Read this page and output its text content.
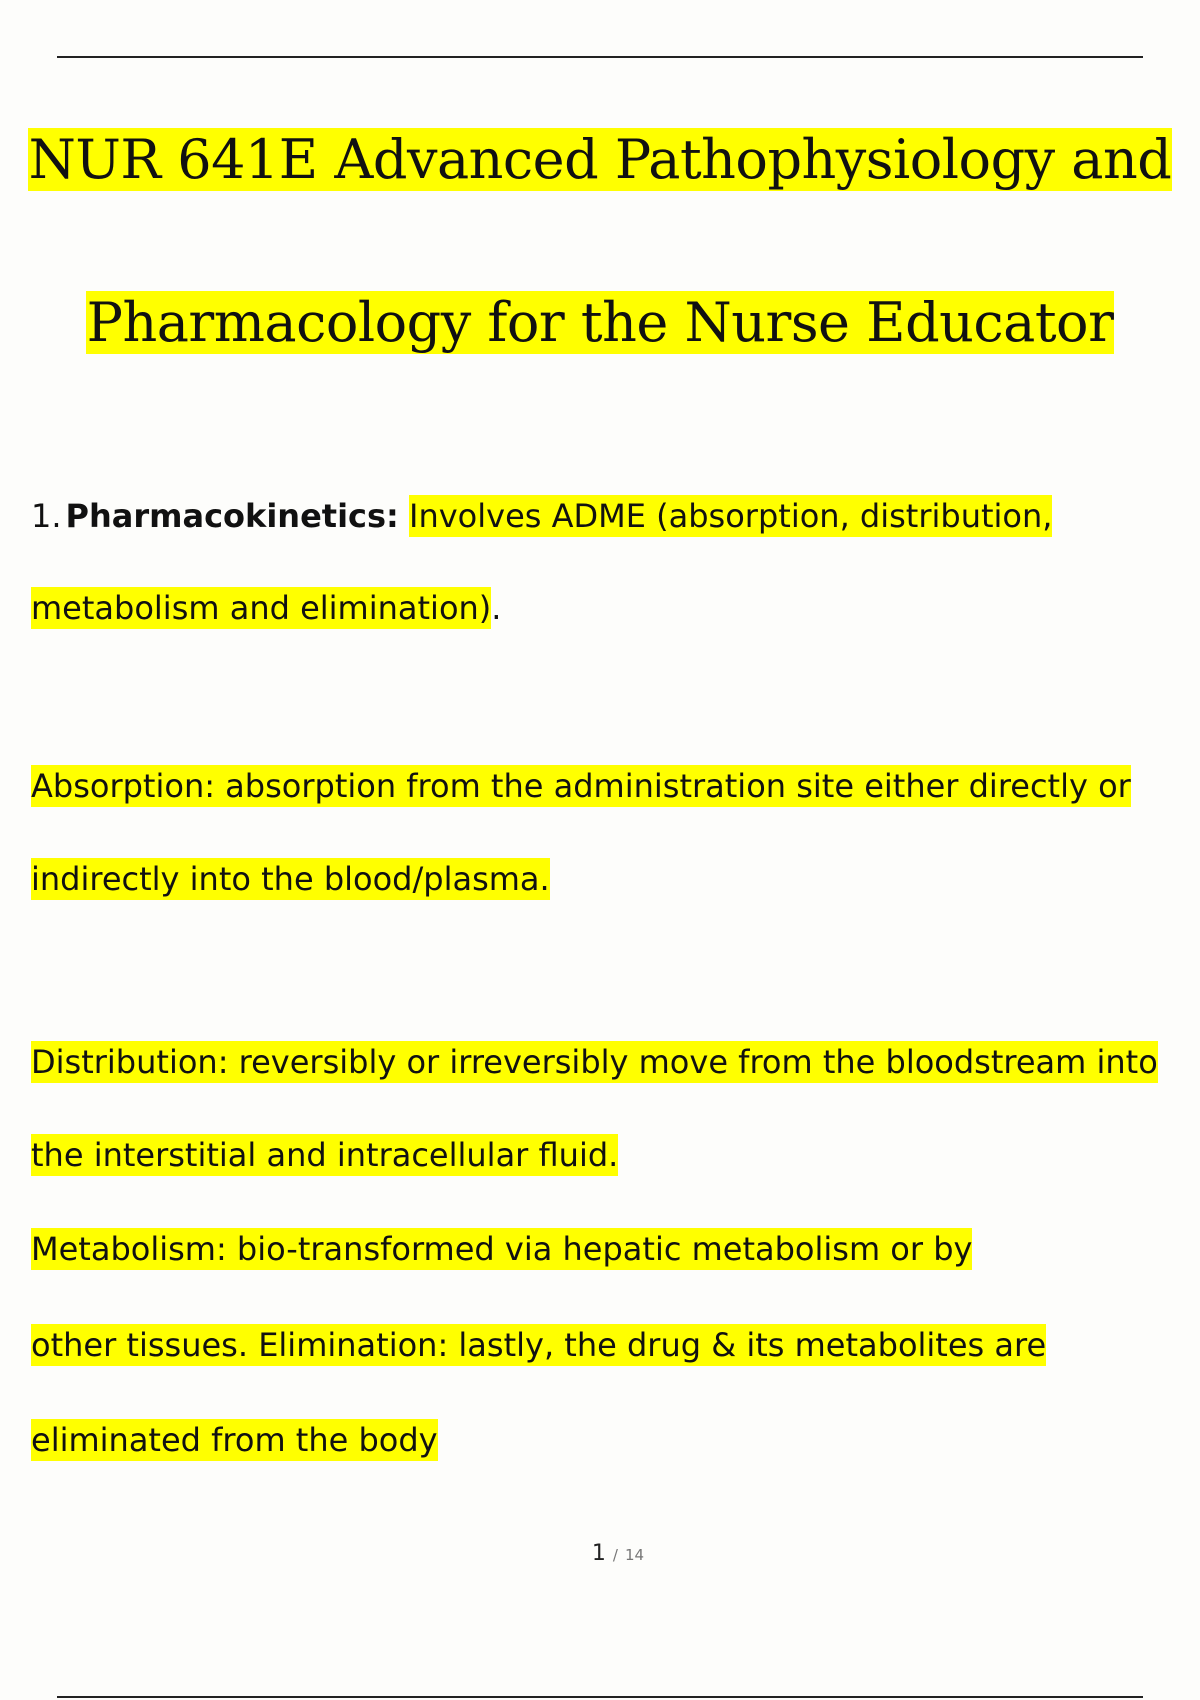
NUR 641E Advanced Pathophysiology and
Pharmacology for the Nurse Educator
1. Pharmacokinetics: Involves ADME (absorption, distribution,
metabolism and elimination).
Absorption: absorption from the administration site either directly or
indirectly into the blood/plasma.
Distribution: reversibly or irreversibly move from the bloodstream into
the interstitial and intracellular fluid.
Metabolism: bio-transformed via hepatic metabolism or by
other tissues. Elimination: lastly, the drug & its metabolites are
eliminated from the body
1 / 14
